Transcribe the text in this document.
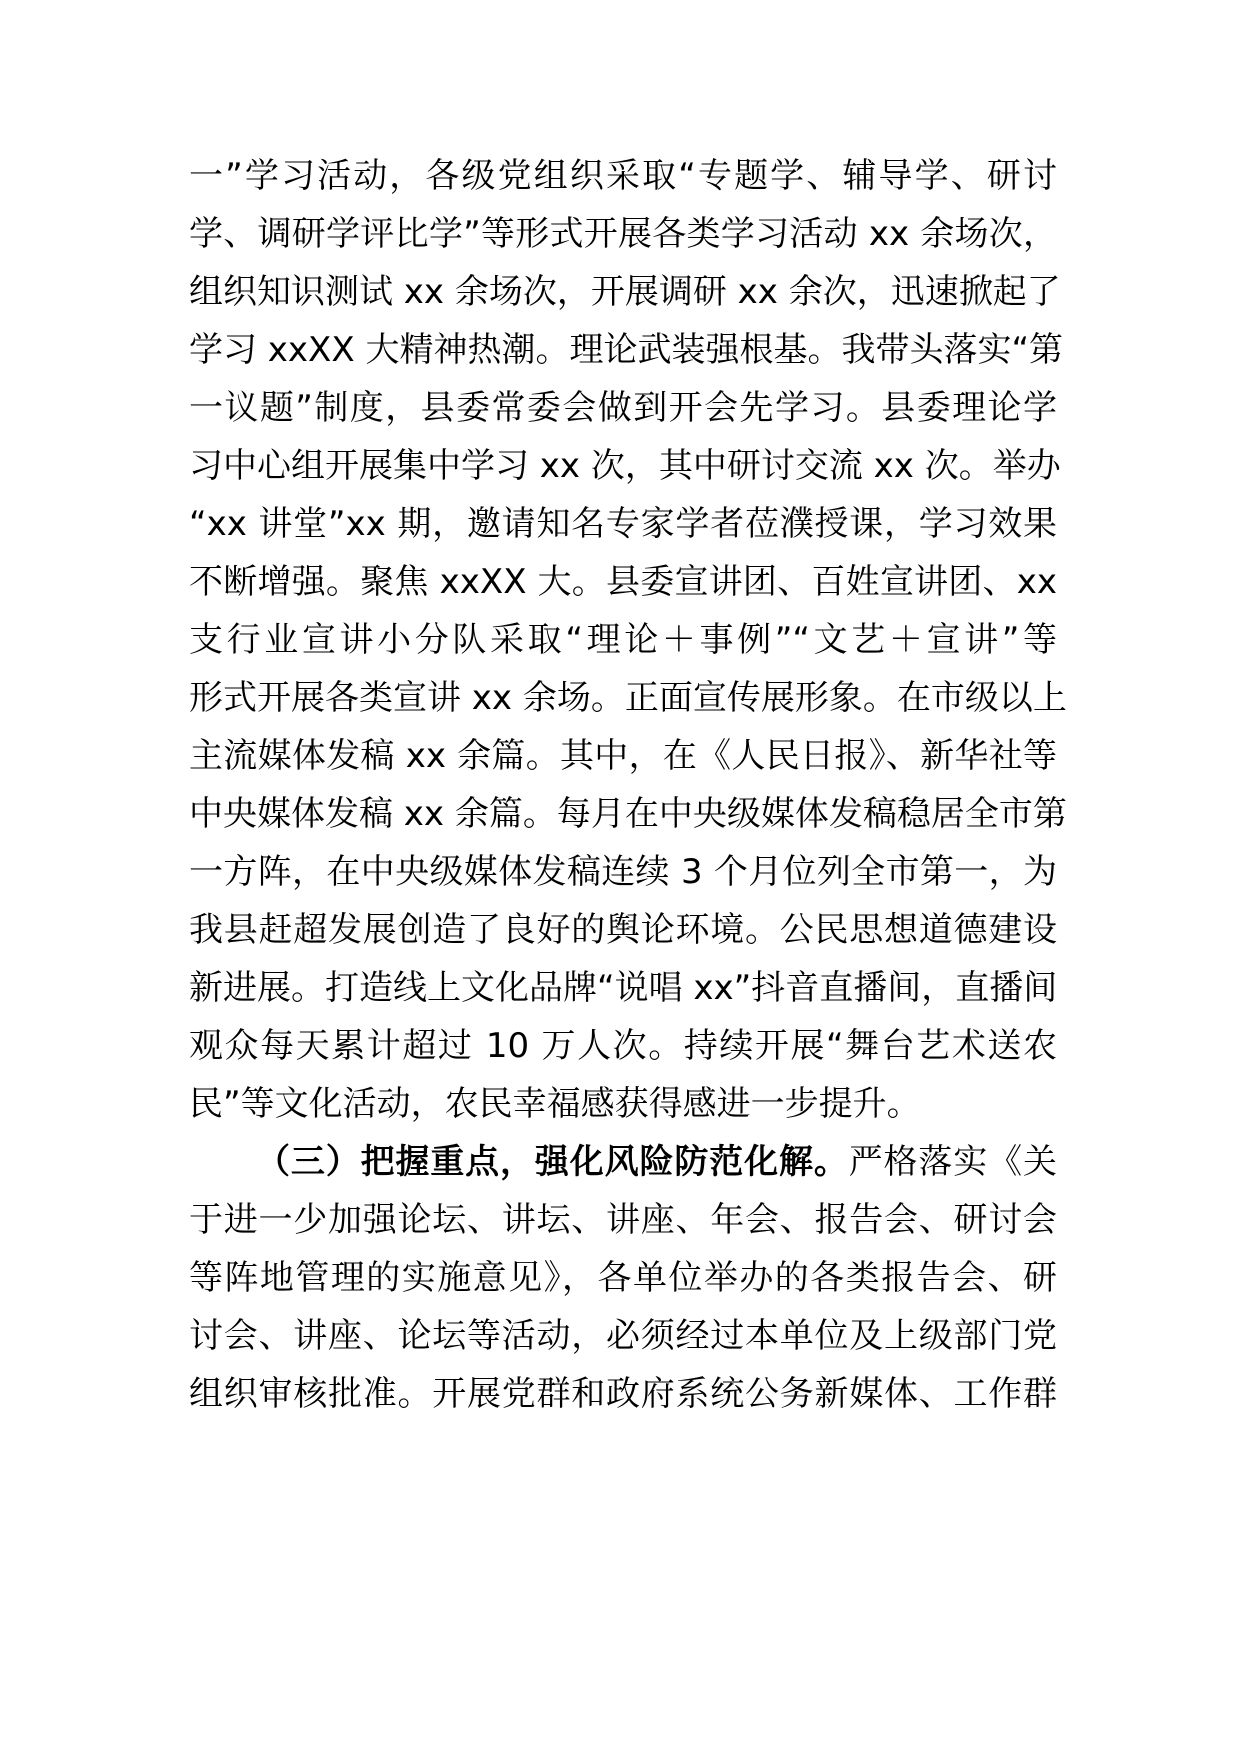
一”学习活动，各级党组织采取“专题学、辅导学、研讨
学、调研学评比学”等形式开展各类学习活动 xx 余场次，
组织知识测试 xx 余场次，开展调研 xx 余次，迅速掀起了
学习 xxXX 大精神热潮。理论武装强根基。我带头落实“第
一议题”制度，县委常委会做到开会先学习。县委理论学
习中心组开展集中学习 xx 次，其中研讨交流 xx 次。举办
“xx 讲堂”xx 期，邀请知名专家学者莅濮授课，学习效果
不断增强。聚焦 xxXX 大。县委宣讲团、百姓宣讲团、xx
支行业宣讲小分队采取“理论＋事例”“文艺＋宣讲”等
形式开展各类宣讲 xx 余场。正面宣传展形象。在市级以上
主流媒体发稿 xx 余篇。其中，在《人民日报》、新华社等
中央媒体发稿 xx 余篇。每月在中央级媒体发稿稳居全市第
一方阵，在中央级媒体发稿连续 3 个月位列全市第一，为
我县赶超发展创造了良好的舆论环境。公民思想道德建设
新进展。打造线上文化品牌“说唱 xx”抖音直播间，直播间
观众每天累计超过 10 万人次。持续开展“舞台艺术送农
民”等文化活动，农民幸福感获得感进一步提升。
（三）把握重点，强化风险防范化解。严格落实《关
于进一少加强论坛、讲坛、讲座、年会、报告会、研讨会
等阵地管理的实施意见》，各单位举办的各类报告会、研
讨会、讲座、论坛等活动，必须经过本单位及上级部门党
组织审核批准。开展党群和政府系统公务新媒体、工作群
